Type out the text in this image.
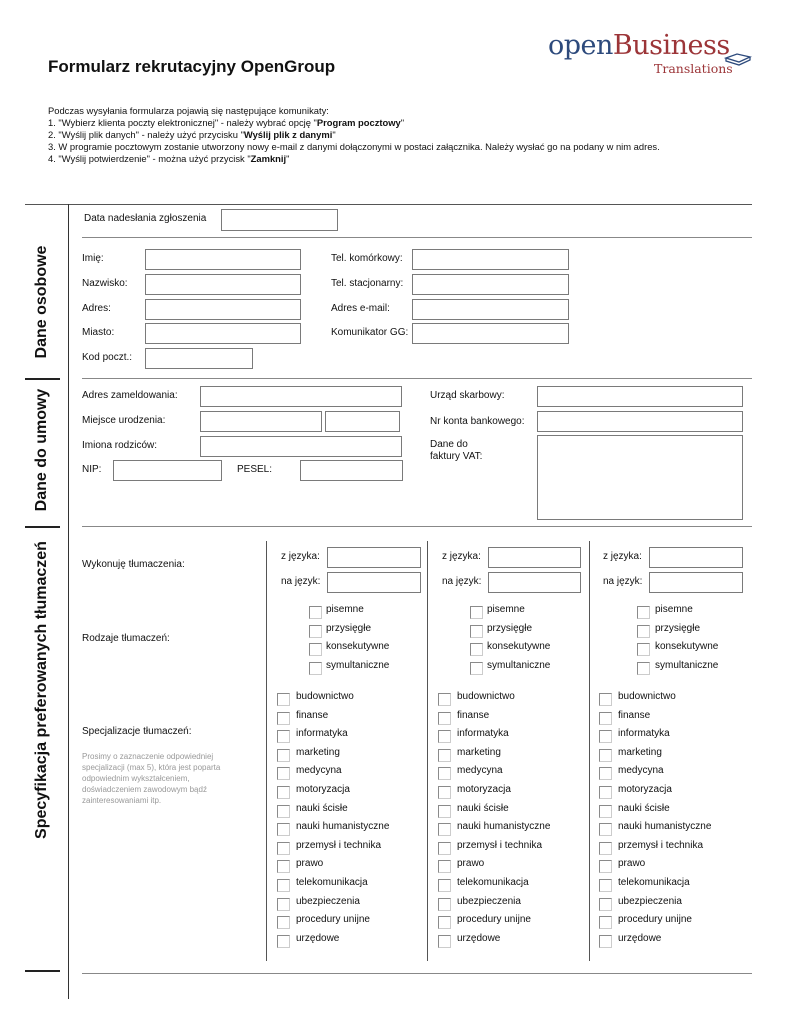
Formularz rekrutacyjny OpenGroup
openBusiness
Translations
Podczas wysyłania formularza pojawią się następujące komunikaty:
1. "Wybierz klienta poczty elektronicznej" - należy wybrać opcję "Program pocztowy"
2. "Wyślij plik danych" - należy użyć przycisku "Wyślij plik z danymi"
3. W programie pocztowym zostanie utworzony nowy e-mail z danymi dołączonymi w postaci załącznika. Należy wysłać go na podany w nim adres.
4. "Wyślij potwierdzenie" - można użyć przycisk "Zamknij"
Dane osobowe
Dane do umowy
Specyfikacja preferowanych tłumaczeń
Data nadesłania zgłoszenia
Imię:
Nazwisko:
Adres:
Miasto:
Kod poczt.:
Tel. komórkowy:
Tel. stacjonarny:
Adres e-mail:
Komunikator GG:
Adres zameldowania:
Miejsce urodzenia:
Imiona rodziców:
NIP:	PESEL:
Urząd skarbowy:
Nr konta bankowego:
Dane do
faktury VAT:
Wykonuję tłumaczenia:
Rodzaje tłumaczeń:
Specjalizacje tłumaczeń:
Prosimy o zaznaczenie odpowiedniej
specjalizacji (max 5), która jest poparta
odpowiednim wykształceniem,
doświadczeniem zawodowym bądź
zainteresowaniami itp.
z języka:
na język:
pisemne
przysięgłe
konsekutywne
symultaniczne
budownictwo
finanse
informatyka
marketing
medycyna
motoryzacja
nauki ścisłe
nauki humanistyczne
przemysł i technika
prawo
telekomunikacja
ubezpieczenia
procedury unijne
urzędowe
z języka:
na język:
pisemne
przysięgłe
konsekutywne
symultaniczne
budownictwo
finanse
informatyka
marketing
medycyna
motoryzacja
nauki ścisłe
nauki humanistyczne
przemysł i technika
prawo
telekomunikacja
ubezpieczenia
procedury unijne
urzędowe
z języka:
na język:
pisemne
przysięgłe
konsekutywne
symultaniczne
budownictwo
finanse
informatyka
marketing
medycyna
motoryzacja
nauki ścisłe
nauki humanistyczne
przemysł i technika
prawo
telekomunikacja
ubezpieczenia
procedury unijne
urzędowe
